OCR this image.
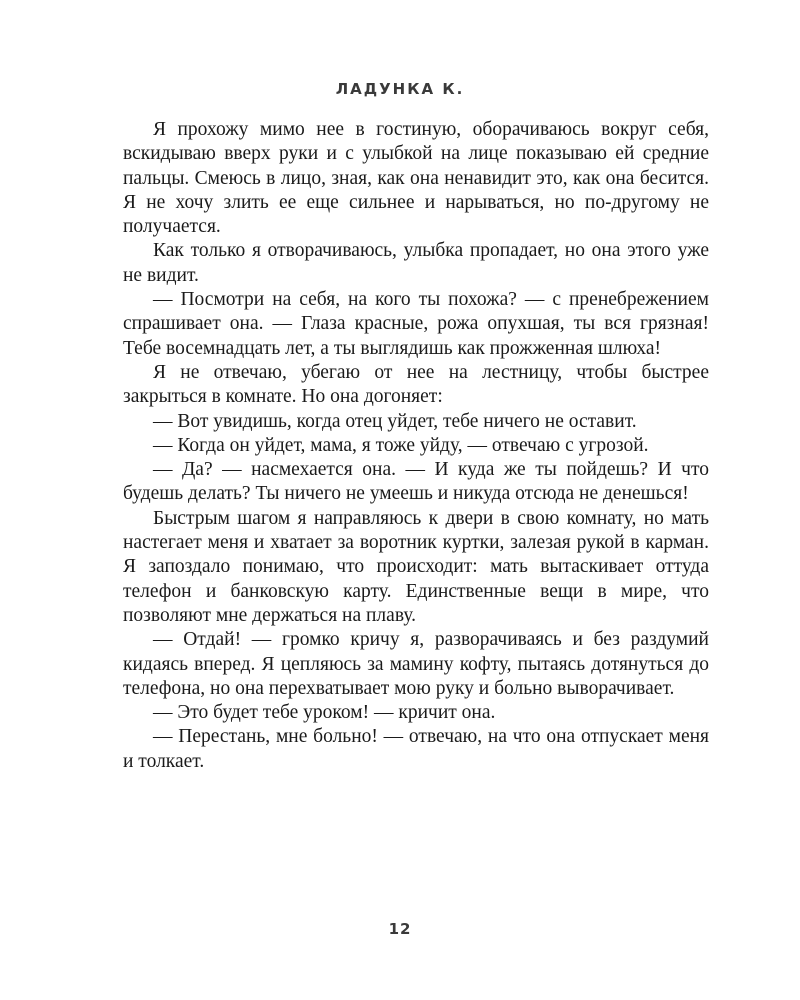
ЛАДУНКА К.

Я прохожу мимо нее в гостиную, оборачиваюсь вокруг себя, вскидываю вверх руки и с улыбкой на лице показываю ей средние пальцы. Смеюсь в лицо, зная, как она ненавидит это, как она бесится. Я не хочу злить ее еще сильнее и нарываться, но по-другому не получается.

Как только я отворачиваюсь, улыбка пропадает, но она этого уже не видит.

— Посмотри на себя, на кого ты похожа? — с пренебрежением спрашивает она. — Глаза красные, рожа опухшая, ты вся грязная! Тебе восемнадцать лет, а ты выглядишь как прожженная шлюха!

Я не отвечаю, убегаю от нее на лестницу, чтобы быстрее закрыться в комнате. Но она догоняет:

— Вот увидишь, когда отец уйдет, тебе ничего не оставит.

— Когда он уйдет, мама, я тоже уйду, — отвечаю с угрозой.

— Да? — насмехается она. — И куда же ты пойдешь? И что будешь делать? Ты ничего не умеешь и никуда отсюда не денешься!

Быстрым шагом я направляюсь к двери в свою комнату, но мать настегает меня и хватает за воротник куртки, залезая рукой в карман. Я запоздало понимаю, что происходит: мать вытаскивает оттуда телефон и банковскую карту. Единственные вещи в мире, что позволяют мне держаться на плаву.

— Отдай! — громко кричу я, разворачиваясь и без раздумий кидаясь вперед. Я цепляюсь за мамину кофту, пытаясь дотянуться до телефона, но она перехватывает мою руку и больно выворачивает.

— Это будет тебе уроком! — кричит она.

— Перестань, мне больно! — отвечаю, на что она отпускает меня и толкает.

12
